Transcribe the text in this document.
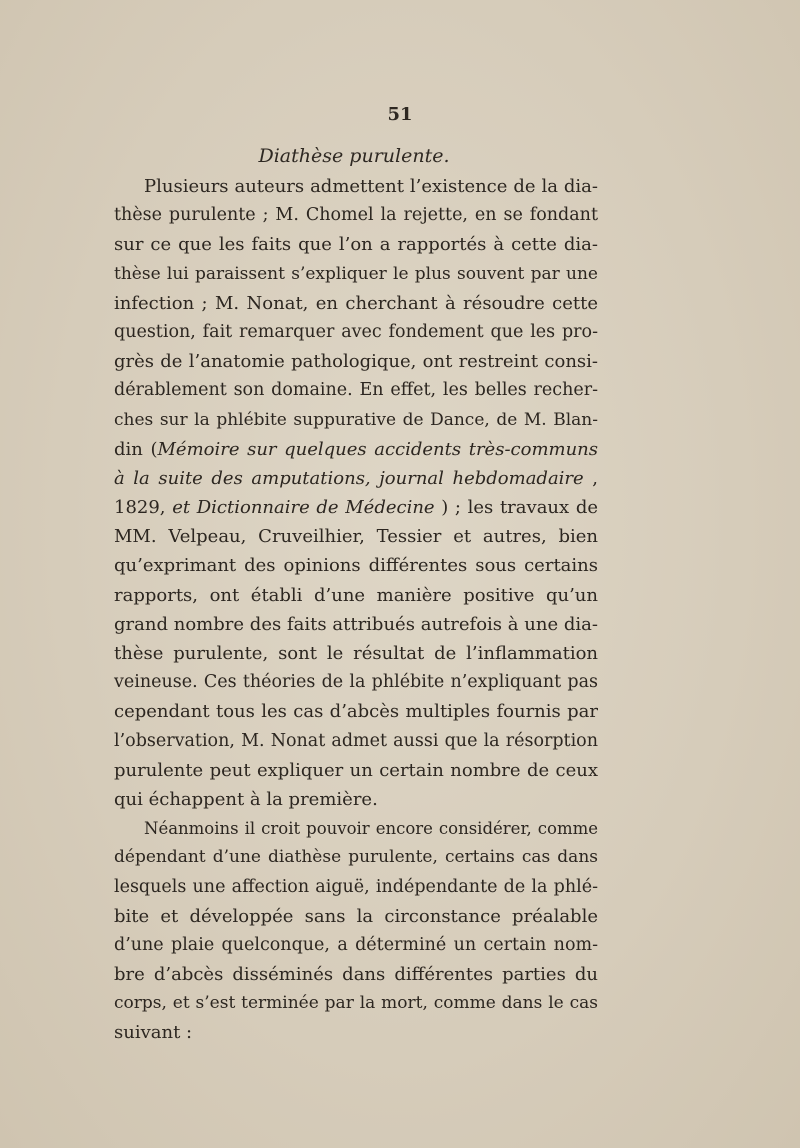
51
Diathèse purulente.
Plusieurs auteurs admettent l’existence de la dia-
thèse purulente ; M. Chomel la rejette, en se fondant
sur ce que les faits que l’on a rapportés à cette dia-
thèse lui paraissent s’expliquer le plus souvent par une
infection ; M. Nonat, en cherchant à résoudre cette
question, fait remarquer avec fondement que les pro-
grès de l’anatomie pathologique, ont restreint consi-
dérablement son domaine. En effet, les belles recher-
ches sur la phlébite suppurative de Dance, de M. Blan-
din (Mémoire sur quelques accidents très-communs
à la suite des amputations, journal hebdomadaire ,
1829, et Dictionnaire de Médecine ) ; les travaux de
MM. Velpeau, Cruveilhier, Tessier et autres, bien
qu’exprimant des opinions différentes sous certains
rapports, ont établi d’une manière positive qu’un
grand nombre des faits attribués autrefois à une dia-
thèse purulente, sont le résultat de l’inflammation
veineuse. Ces théories de la phlébite n’expliquant pas
cependant tous les cas d’abcès multiples fournis par
l’observation, M. Nonat admet aussi que la résorption
purulente peut expliquer un certain nombre de ceux
qui échappent à la première.
Néanmoins il croit pouvoir encore considérer, comme
dépendant d’une diathèse purulente, certains cas dans
lesquels une affection aiguë, indépendante de la phlé-
bite et développée sans la circonstance préalable
d’une plaie quelconque, a déterminé un certain nom-
bre d’abcès disséminés dans différentes parties du
corps, et s’est terminée par la mort, comme dans le cas
suivant :
